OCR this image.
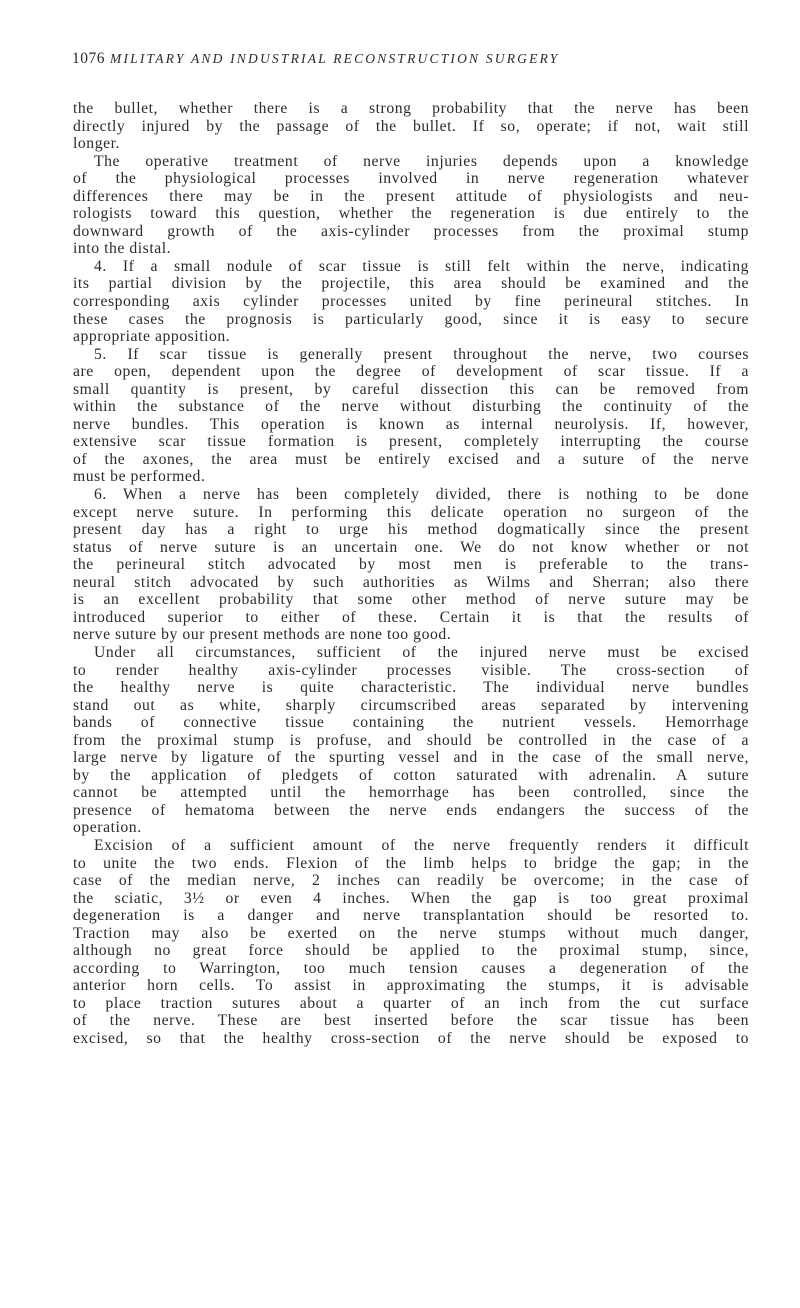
1076 MILITARY AND INDUSTRIAL RECONSTRUCTION SURGERY
the bullet, whether there is a strong probability that the nerve has been
directly injured by the passage of the bullet. If so, operate; if not, wait still
longer.
The operative treatment of nerve injuries depends upon a knowledge
of the physiological processes involved in nerve regeneration whatever
differences there may be in the present attitude of physiologists and neu-
rologists toward this question, whether the regeneration is due entirely to the
downward growth of the axis-cylinder processes from the proximal stump
into the distal.
4. If a small nodule of scar tissue is still felt within the nerve, indicating
its partial division by the projectile, this area should be examined and the
corresponding axis cylinder processes united by fine perineural stitches. In
these cases the prognosis is particularly good, since it is easy to secure
appropriate apposition.
5. If scar tissue is generally present throughout the nerve, two courses
are open, dependent upon the degree of development of scar tissue. If a
small quantity is present, by careful dissection this can be removed from
within the substance of the nerve without disturbing the continuity of the
nerve bundles. This operation is known as internal neurolysis. If, however,
extensive scar tissue formation is present, completely interrupting the course
of the axones, the area must be entirely excised and a suture of the nerve
must be performed.
6. When a nerve has been completely divided, there is nothing to be done
except nerve suture. In performing this delicate operation no surgeon of the
present day has a right to urge his method dogmatically since the present
status of nerve suture is an uncertain one. We do not know whether or not
the perineural stitch advocated by most men is preferable to the trans-
neural stitch advocated by such authorities as Wilms and Sherran; also there
is an excellent probability that some other method of nerve suture may be
introduced superior to either of these. Certain it is that the results of
nerve suture by our present methods are none too good.
Under all circumstances, sufficient of the injured nerve must be excised
to render healthy axis-cylinder processes visible. The cross-section of
the healthy nerve is quite characteristic. The individual nerve bundles
stand out as white, sharply circumscribed areas separated by intervening
bands of connective tissue containing the nutrient vessels. Hemorrhage
from the proximal stump is profuse, and should be controlled in the case of a
large nerve by ligature of the spurting vessel and in the case of the small nerve,
by the application of pledgets of cotton saturated with adrenalin. A suture
cannot be attempted until the hemorrhage has been controlled, since the
presence of hematoma between the nerve ends endangers the success of the
operation.
Excision of a sufficient amount of the nerve frequently renders it difficult
to unite the two ends. Flexion of the limb helps to bridge the gap; in the
case of the median nerve, 2 inches can readily be overcome; in the case of
the sciatic, 3½ or even 4 inches. When the gap is too great proximal
degeneration is a danger and nerve transplantation should be resorted to.
Traction may also be exerted on the nerve stumps without much danger,
although no great force should be applied to the proximal stump, since,
according to Warrington, too much tension causes a degeneration of the
anterior horn cells. To assist in approximating the stumps, it is advisable
to place traction sutures about a quarter of an inch from the cut surface
of the nerve. These are best inserted before the scar tissue has been
excised, so that the healthy cross-section of the nerve should be exposed to
